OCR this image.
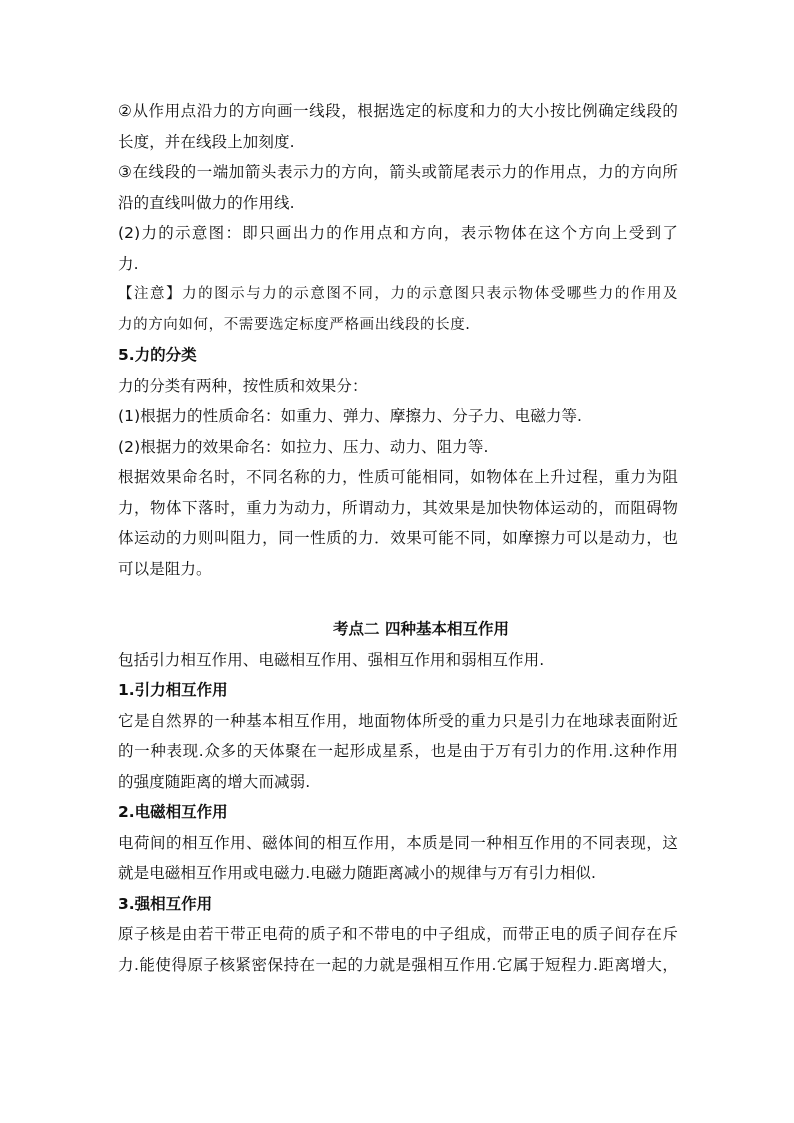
②从作用点沿力的方向画一线段，根据选定的标度和力的大小按比例确定线段的
长度，并在线段上加刻度.
③在线段的一端加箭头表示力的方向，箭头或箭尾表示力的作用点，力的方向所
沿的直线叫做力的作用线.
(2)力的示意图：即只画出力的作用点和方向，表示物体在这个方向上受到了
力.
【注意】力的图示与力的示意图不同，力的示意图只表示物体受哪些力的作用及
力的方向如何，不需要选定标度严格画出线段的长度.
5.力的分类
力的分类有两种，按性质和效果分：
(1)根据力的性质命名：如重力、弹力、摩擦力、分子力、电磁力等.
(2)根据力的效果命名：如拉力、压力、动力、阻力等.
根据效果命名时，不同名称的力，性质可能相同，如物体在上升过程，重力为阻
力，物体下落时，重力为动力，所谓动力，其效果是加快物体运动的，而阻碍物
体运动的力则叫阻力，同一性质的力．效果可能不同，如摩擦力可以是动力，也
可以是阻力。
考点二 四种基本相互作用
包括引力相互作用、电磁相互作用、强相互作用和弱相互作用.
1.引力相互作用
它是自然界的一种基本相互作用，地面物体所受的重力只是引力在地球表面附近
的一种表现.众多的天体聚在一起形成星系，也是由于万有引力的作用.这种作用
的强度随距离的增大而减弱.
2.电磁相互作用
电荷间的相互作用、磁体间的相互作用，本质是同一种相互作用的不同表现，这
就是电磁相互作用或电磁力.电磁力随距离减小的规律与万有引力相似.
3.强相互作用
原子核是由若干带正电荷的质子和不带电的中子组成，而带正电的质子间存在斥
力.能使得原子核紧密保持在一起的力就是强相互作用.它属于短程力.距离增大，
